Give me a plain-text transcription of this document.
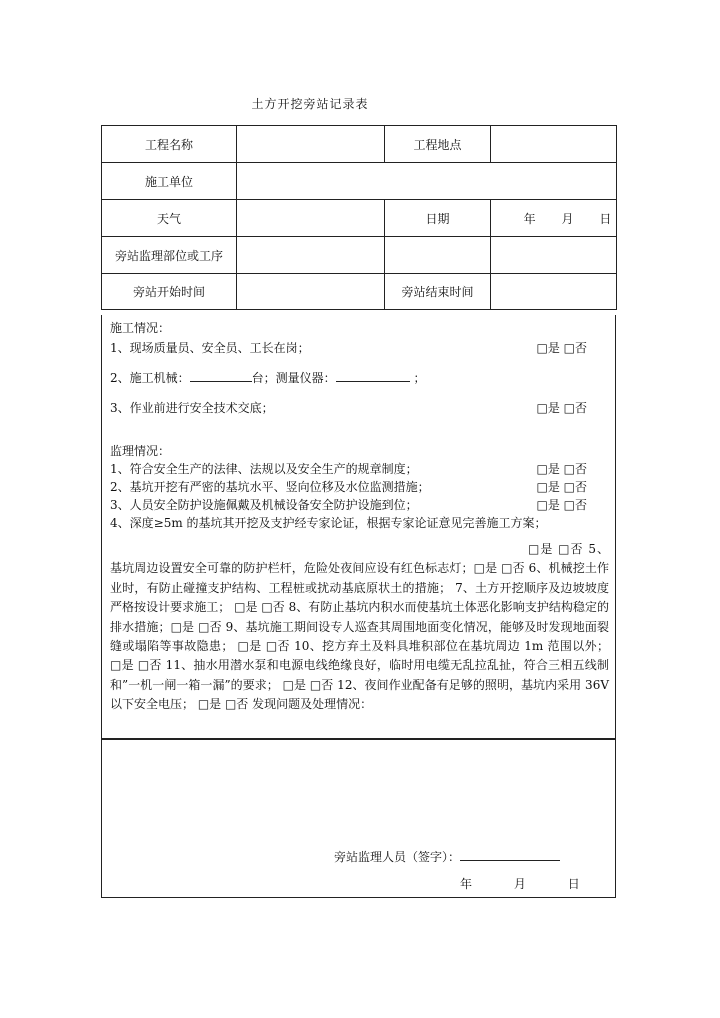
土方开挖旁站记录表
工程名称		工程地点	
施工单位			
天气		日期	年 月 日
旁站监理部位或工序			
旁站开始时间		旁站结束时间	
施工情况：
1、现场质量员、安全员、工长在岗；	□是 □否
2、施工机械：	台；测量仪器：	；
3、作业前进行安全技术交底；	□是 □否
监理情况：
1、符合安全生产的法律、法规以及安全生产的规章制度；	□是 □否
2、基坑开挖有严密的基坑水平、竖向位移及水位监测措施；	□是 □否
3、人员安全防护设施佩戴及机械设备安全防护设施到位；	□是 □否
4、深度≥5m 的基坑其开挖及支护经专家论证，根据专家论证意见完善施工方案；
□是 □否 5、基坑周边设置安全可靠的防护栏杆，危险处夜间应设有红色标志灯；□是 □否 6、机械挖土作业时，有防止碰撞支护结构、工程桩或扰动基底原状土的措施； 7、土方开挖顺序及边坡坡度严格按设计要求施工； □是 □否 8、有防止基坑内积水而使基坑土体恶化影响支护结构稳定的排水措施；□是 □否 9、基坑施工期间设专人巡查其周围地面变化情况，能够及时发现地面裂缝或塌陷等事故隐患； □是 □否 10、挖方弃土及料具堆积部位在基坑周边 1m 范围以外； □是 □否 11、抽水用潜水泵和电源电线绝缘良好，临时用电缆无乱拉乱扯，符合三相五线制和”一机一闸一箱一漏”的要求； □是 □否 12、夜间作业配备有足够的照明，基坑内采用 36V 以下安全电压； □是 □否 发现问题及处理情况：
旁站监理人员（签字）：
年	月	日
